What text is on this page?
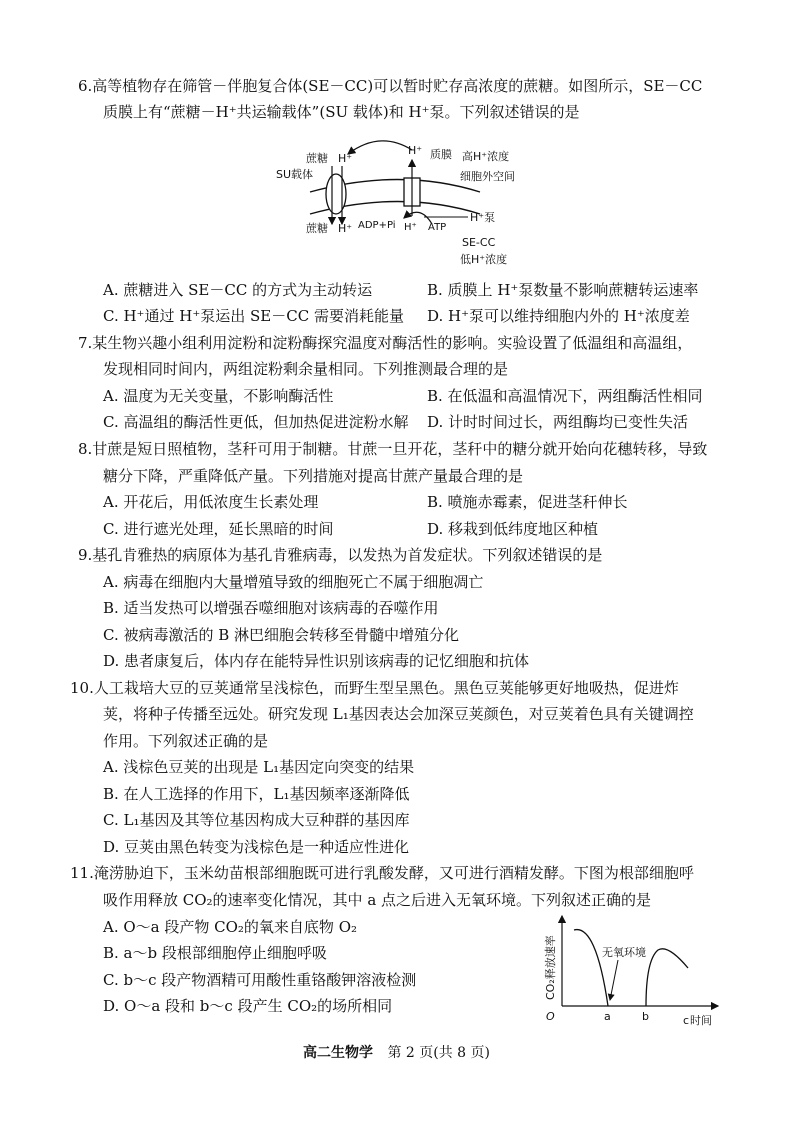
6.高等植物存在筛管－伴胞复合体(SE－CC)可以暂时贮存高浓度的蔗糖。如图所示，SE－CC
质膜上有“蔗糖－H⁺共运输载体”(SU 载体)和 H⁺泵。下列叙述错误的是
蔗糖 H⁺
H⁺ 质膜 高H⁺浓度
细胞外空间
SU载体
蔗糖 H⁺ ADP+Pi H⁺ ATP
H⁺泵
SE-CC
低H⁺浓度
A. 蔗糖进入 SE－CC 的方式为主动转运	B. 质膜上 H⁺泵数量不影响蔗糖转运速率
C. H⁺通过 H⁺泵运出 SE－CC 需要消耗能量 D. H⁺泵可以维持细胞内外的 H⁺浓度差
7.某生物兴趣小组利用淀粉和淀粉酶探究温度对酶活性的影响。实验设置了低温组和高温组，
发现相同时间内，两组淀粉剩余量相同。下列推测最合理的是
A. 温度为无关变量，不影响酶活性	B. 在低温和高温情况下，两组酶活性相同
C. 高温组的酶活性更低，但加热促进淀粉水解 D. 计时时间过长，两组酶均已变性失活
8.甘蔗是短日照植物，茎秆可用于制糖。甘蔗一旦开花，茎秆中的糖分就开始向花穗转移，导致
糖分下降，严重降低产量。下列措施对提高甘蔗产量最合理的是
A. 开花后，用低浓度生长素处理	B. 喷施赤霉素，促进茎秆伸长
C. 进行遮光处理，延长黑暗的时间	D. 移栽到低纬度地区种植
9.基孔肯雅热的病原体为基孔肯雅病毒，以发热为首发症状。下列叙述错误的是
A. 病毒在细胞内大量增殖导致的细胞死亡不属于细胞凋亡
B. 适当发热可以增强吞噬细胞对该病毒的吞噬作用
C. 被病毒激活的 B 淋巴细胞会转移至骨髓中增殖分化
D. 患者康复后，体内存在能特异性识别该病毒的记忆细胞和抗体
10.人工栽培大豆的豆荚通常呈浅棕色，而野生型呈黑色。黑色豆荚能够更好地吸热，促进炸
荚，将种子传播至远处。研究发现 L₁基因表达会加深豆荚颜色，对豆荚着色具有关键调控
作用。下列叙述正确的是
A. 浅棕色豆荚的出现是 L₁基因定向突变的结果
B. 在人工选择的作用下，L₁基因频率逐渐降低
C. L₁基因及其等位基因构成大豆种群的基因库
D. 豆荚由黑色转变为浅棕色是一种适应性进化
11.淹涝胁迫下，玉米幼苗根部细胞既可进行乳酸发酵，又可进行酒精发酵。下图为根部细胞呼
吸作用释放 CO₂的速率变化情况，其中 a 点之后进入无氧环境。下列叙述正确的是
A. O～a 段产物 CO₂的氧来自底物 O₂
B. a～b 段根部细胞停止细胞呼吸
C. b～c 段产物酒精可用酸性重铬酸钾溶液检测
D. O～a 段和 b～c 段产生 CO₂的场所相同
CO₂释放速率	无氧环境
O	a	b	c 时间
高二生物学 第 2 页(共 8 页)
